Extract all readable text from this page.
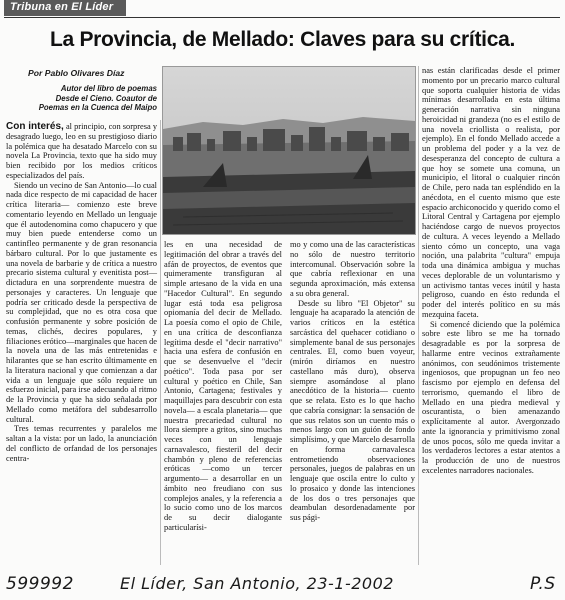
Tribuna en El Líder
La Provincia, de Mellado: Claves para su crítica.
Por Pablo Olivares Díaz
Autor del libro de poemas
Desde el Cieno. Coautor de
Poemas en la Cuenca del Maipo

Con interés, al principio, con sorpresa y desagrado luego, leo en su prestigioso diario la polémica que ha desatado Marcelo con su novela La Provincia, texto que ha sido muy bien recibido por los medios críticos especializados del país.

Siendo un vecino de San Antonio—lo cual nada dice respecto de mi capacidad de hacer crítica literaria— comienzo este breve comentario leyendo en Mellado un lenguaje que él autodenomina como chapucero y que muy bien puede entenderse como un cantinfleo permanente y de gran resonancia bárbaro cultural. Por lo que justamente es una novela de barbarie y de crítica a nuestro precario sistema cultural y evenitista post—dictadura en una sorprendente muestra de personajes y caracteres. Un lenguaje que podría ser criticado desde la perspectiva de su complejidad, que no es otra cosa que confusión permanente y sobre posición de temas, clichés, decires populares, y filiaciones erótico—marginales que hacen de la novela una de las más entretenidas e hilarantes que se han escrito últimamente en la literatura nacional y que comienzan a dar vida a un lenguaje que sólo requiere un esfuerzo inicial, para irse adecuando al ritmo de la Provincia y que ha sido señalada por Mellado como metáfora del subdesarrollo cultural.

Tres temas recurrentes y paralelos me saltan a la vista: por un lado, la anunciación del conflicto de orfandad de los personajes centra-

les en una necesidad de legitimación del obrar a través del afán de proyectos, de eventos que quimeramente transfiguran al simple artesano de la vida en una "Hacedor Cultural". En segundo lugar está toda esa peligrosa opiomanía del decir de Mellado. La poesía como el opio de Chile, en una crítica de desconfianza legítima desde el "decir narrativo" hacia una esfera de confusión en que se desenvuelve el "decir poético". Toda pasa por ser cultural y poético en Chile, San Antonio, Cartagena; festivales y maquillajes para descubrir con esta novela— a escala planetaria— que nuestra precariedad cultural no llora siempre a gritos, sino muchas veces con un lenguaje carnavalesco, fiesteril del decir chambón y pleno de referencias eróticas —como un tercer argumento— a desarrollar en un ámbito neo freudiano con sus complejos anales, y la referencia a lo sucio como uno de los marcos de su decir dialogante particularísi-

mo y como una de las características no sólo de nuestro territorio intercomunal. Observación sobre la que cabría reflexionar en una segunda aproximación, más extensa a su obra general.

Desde su libro "El Objetor" su lenguaje ha acaparado la atención de varios críticos en la estética sarcástica del quehacer cotidiano o simplemente banal de sus personajes centrales. El, como buen voyeur, (mirón diríamos en nuestro castellano más duro), observa siempre asomándose al plano anecdótico de la historia— cuento que se relata. Esto es lo que hacho que cabría consignar: la sensación de que sus relatos son un cuento más o menos largo con un guión de fondo simplísimo, y que Marcelo desarrolla en forma carnavalesca entrometiendo observaciones personales, juegos de palabras en un lenguaje que oscila entre lo culto y lo prosaico y donde las intenciones de los dos o tres personajes que deambulan desordenadamente por sus pági-

nas están clarificadas desde el primer momento por un precario marco cultural que soporta cualquier historia de vidas mínimas desarrollada en esta última generación narrativa sin ninguna heroicidad ni grandeza (no es el estilo de una novela criollista o realista, por ejemplo). En el fondo Mellado accede a un problema del poder y a la vez de desesperanza del concepto de cultura a que hoy se somete una comuna, un municipio, el litoral o cualquier rincón de Chile, pero nada tan espléndido en la anécdota, en el cuento mismo que este espacio archiconocido y querido como el Litoral Central y Cartagena por ejemplo haciéndose cargo de nuevos proyectos de cultura. A veces leyendo a Mellado siento cómo un concepto, una vaga noción, una palabrita "cultura" empuja toda una dinámica ambigua y muchas veces deplorable de un voluntarismo y un activismo tantas veces inútil y hasta peligroso, cuando en ésto redunda el poder del interés político en su más mezquina faceta.

Si comencé diciendo que la polémica sobre este libro se me ha tornado desagradable es por la sorpresa de hallarme entre vecinos extrañamente anónimos, con seudónimos tristemente ingeniosos, que propugnan un feo neo fascismo por ejemplo en defensa del terrorismo, quemando el libro de Mellado en una piedra medieval y oscurantista, o bien amenazando explícitamente al autor. Avergonzado ante la ignorancia y primitivismo zonal de unos pocos, sólo me queda invitar a los verdaderos lectores a estar atentos a la producción de uno de nuestros excelentes narradores nacionales.

599992	El Líder, San Antonio, 23-1-2002	P.S
